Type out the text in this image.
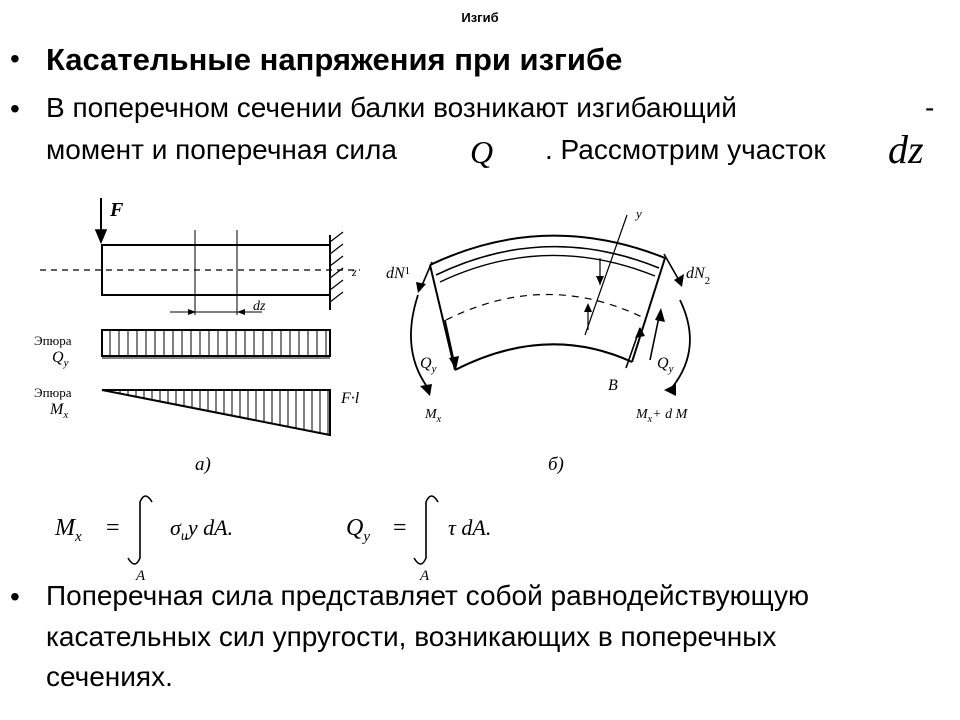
Изгиб
• Касательные напряжения при изгибе
• В поперечном сечении балки возникают изгибающий	-
момент и поперечная сила Q . Рассмотрим участок dz
F
z
dz
Эпюра
$Q_y$
Эпюра
$M_x$
F·l
а)
y
$dN^1$	$dN_2$
$Q_y$	$Q_y$
$M_x$
B
$M_x+ d$ M
б)
$M_x = \sigma_иy$ dA.
A
$Q_y = \tau$ dA.
A
• Поперечная сила представляет собой равнодействующую
касательных сил упругости, возникающих в поперечных
сечениях.
